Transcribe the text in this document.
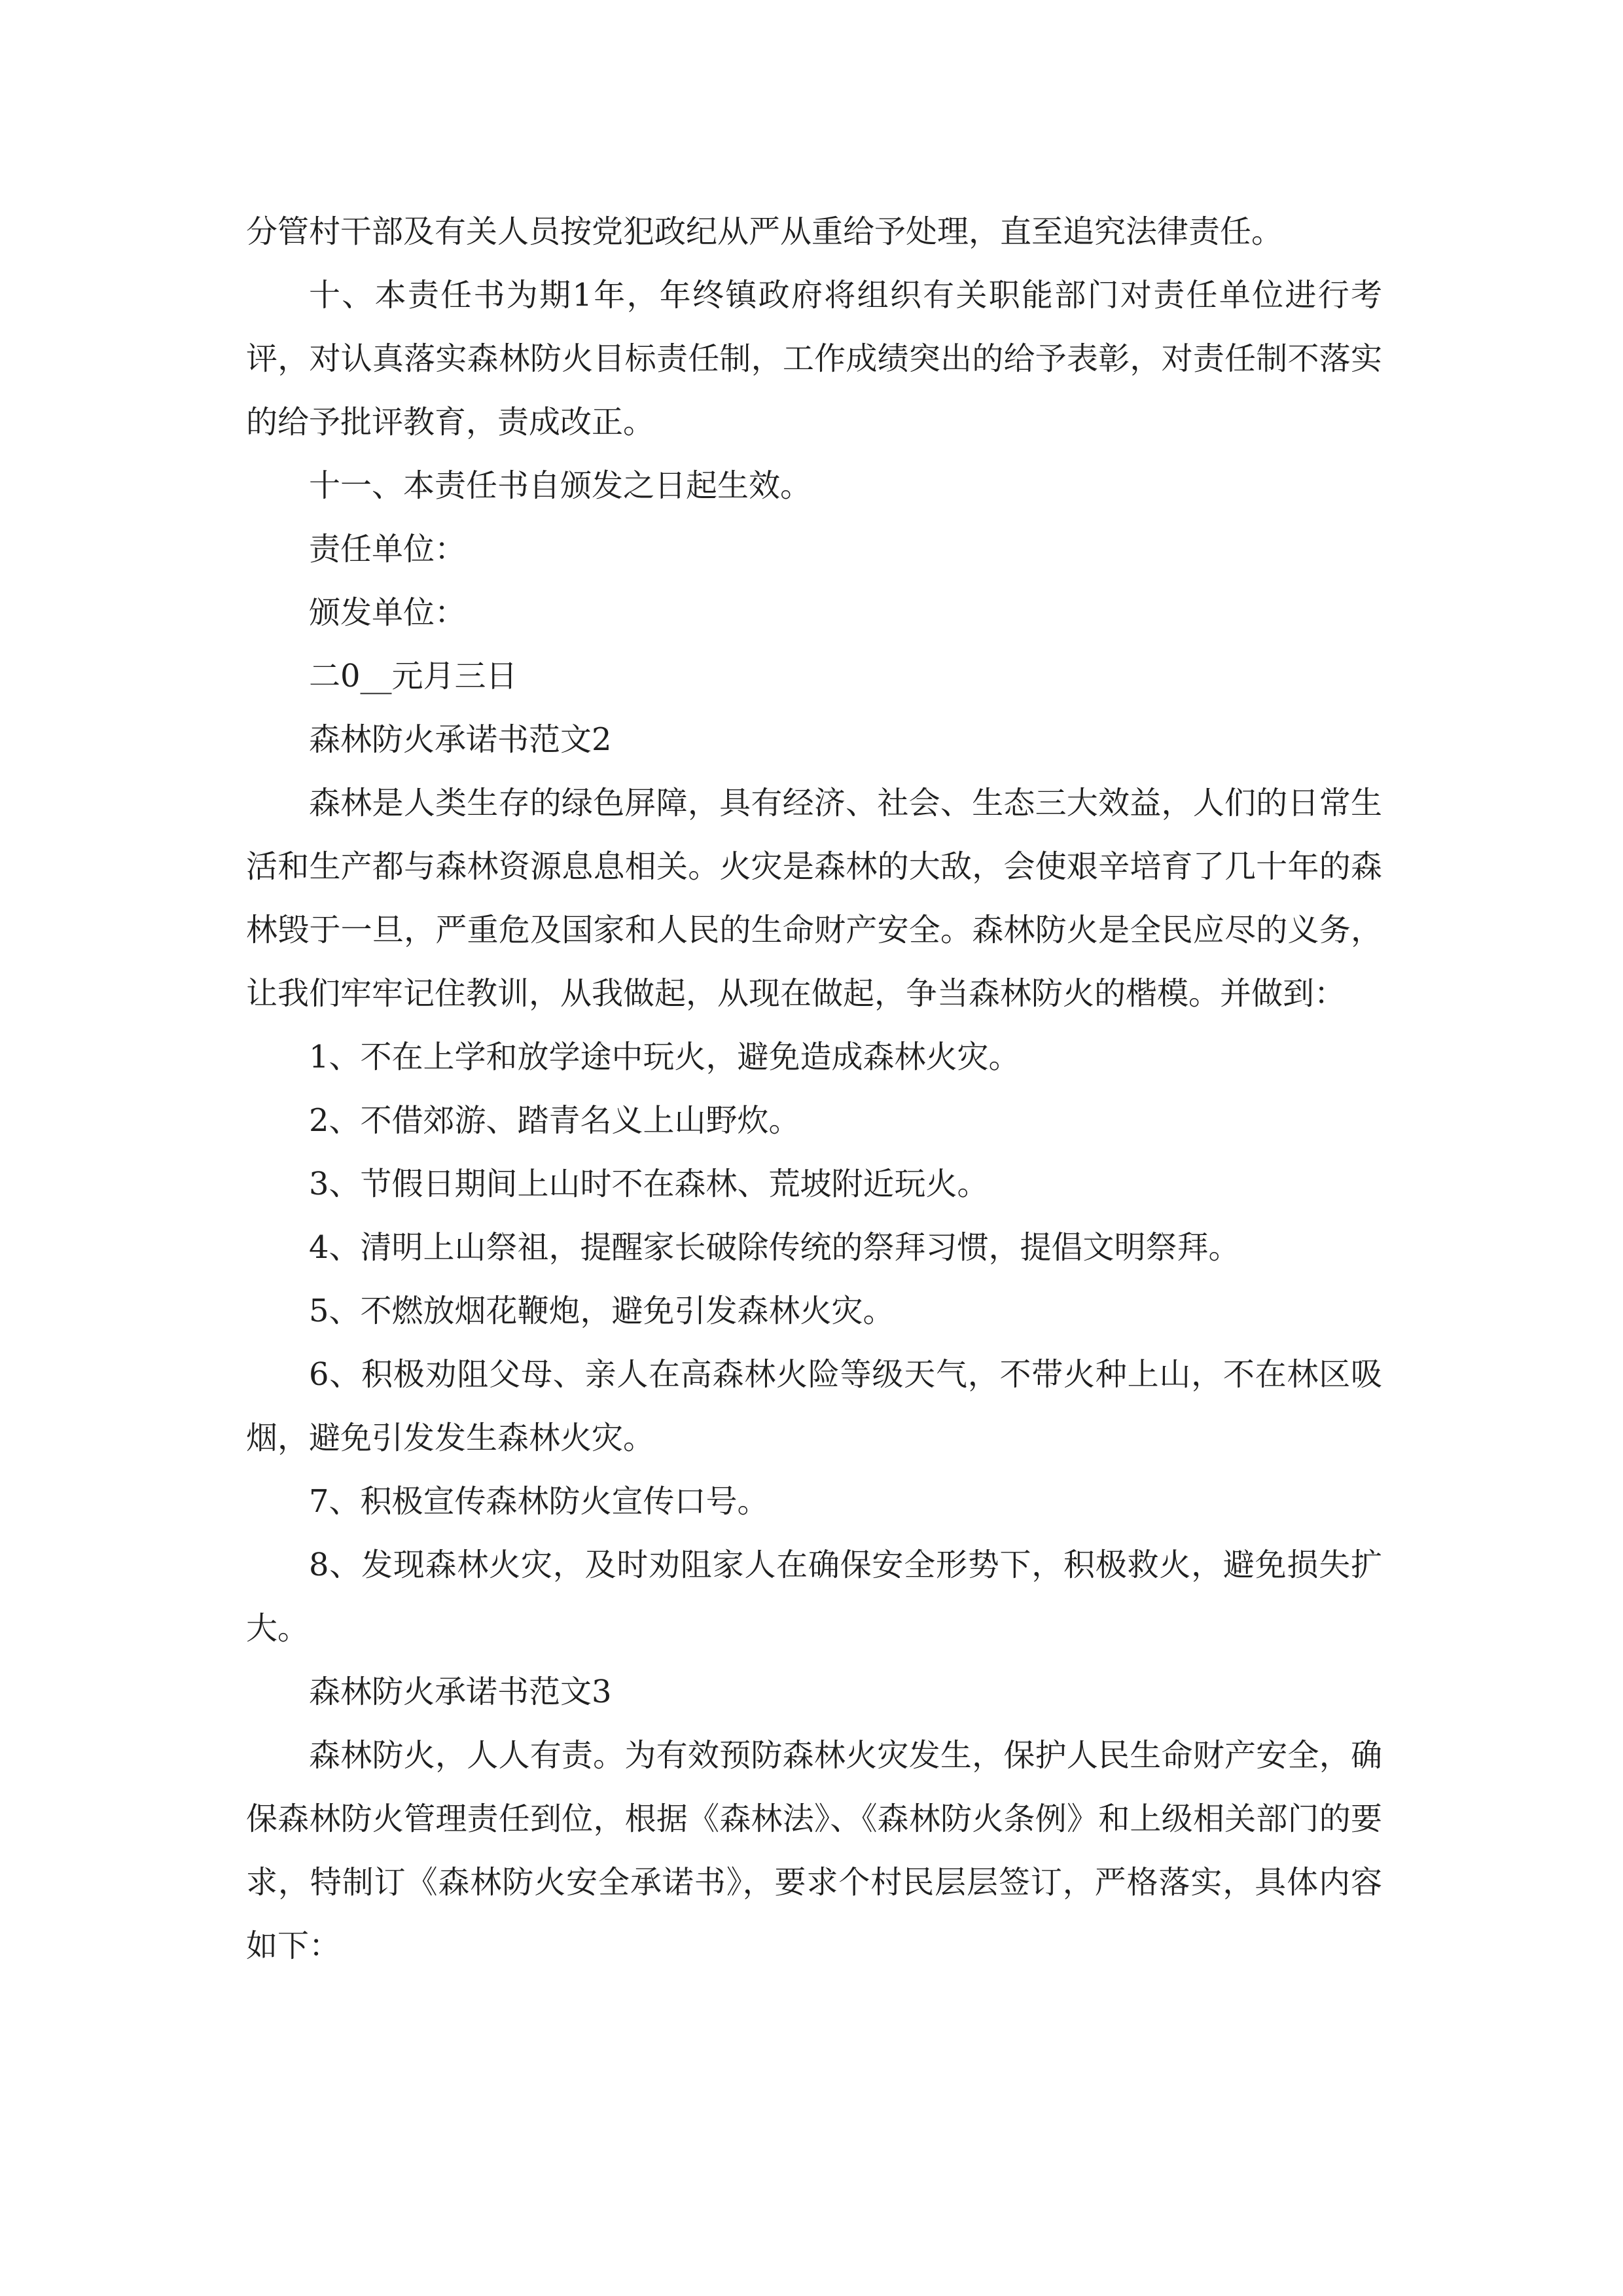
分管村干部及有关人员按党犯政纪从严从重给予处理，直至追究法律责任。

十、本责任书为期1年，年终镇政府将组织有关职能部门对责任单位进行考评，对认真落实森林防火目标责任制，工作成绩突出的给予表彰，对责任制不落实的给予批评教育，责成改正。

十一、本责任书自颁发之日起生效。

责任单位：

颁发单位：

二0__元月三日

森林防火承诺书范文2

森林是人类生存的绿色屏障，具有经济、社会、生态三大效益，人们的日常生活和生产都与森林资源息息相关。火灾是森林的大敌，会使艰辛培育了几十年的森林毁于一旦，严重危及国家和人民的生命财产安全。森林防火是全民应尽的义务，让我们牢牢记住教训，从我做起，从现在做起，争当森林防火的楷模。并做到：

1、不在上学和放学途中玩火，避免造成森林火灾。

2、不借郊游、踏青名义上山野炊。

3、节假日期间上山时不在森林、荒坡附近玩火。

4、清明上山祭祖，提醒家长破除传统的祭拜习惯，提倡文明祭拜。

5、不燃放烟花鞭炮，避免引发森林火灾。

6、积极劝阻父母、亲人在高森林火险等级天气，不带火种上山，不在林区吸烟，避免引发发生森林火灾。

7、积极宣传森林防火宣传口号。

8、发现森林火灾，及时劝阻家人在确保安全形势下，积极救火，避免损失扩大。

森林防火承诺书范文3

森林防火，人人有责。为有效预防森林火灾发生，保护人民生命财产安全，确保森林防火管理责任到位，根据《森林法》、《森林防火条例》和上级相关部门的要求，特制订《森林防火安全承诺书》，要求个村民层层签订，严格落实，具体内容如下：
